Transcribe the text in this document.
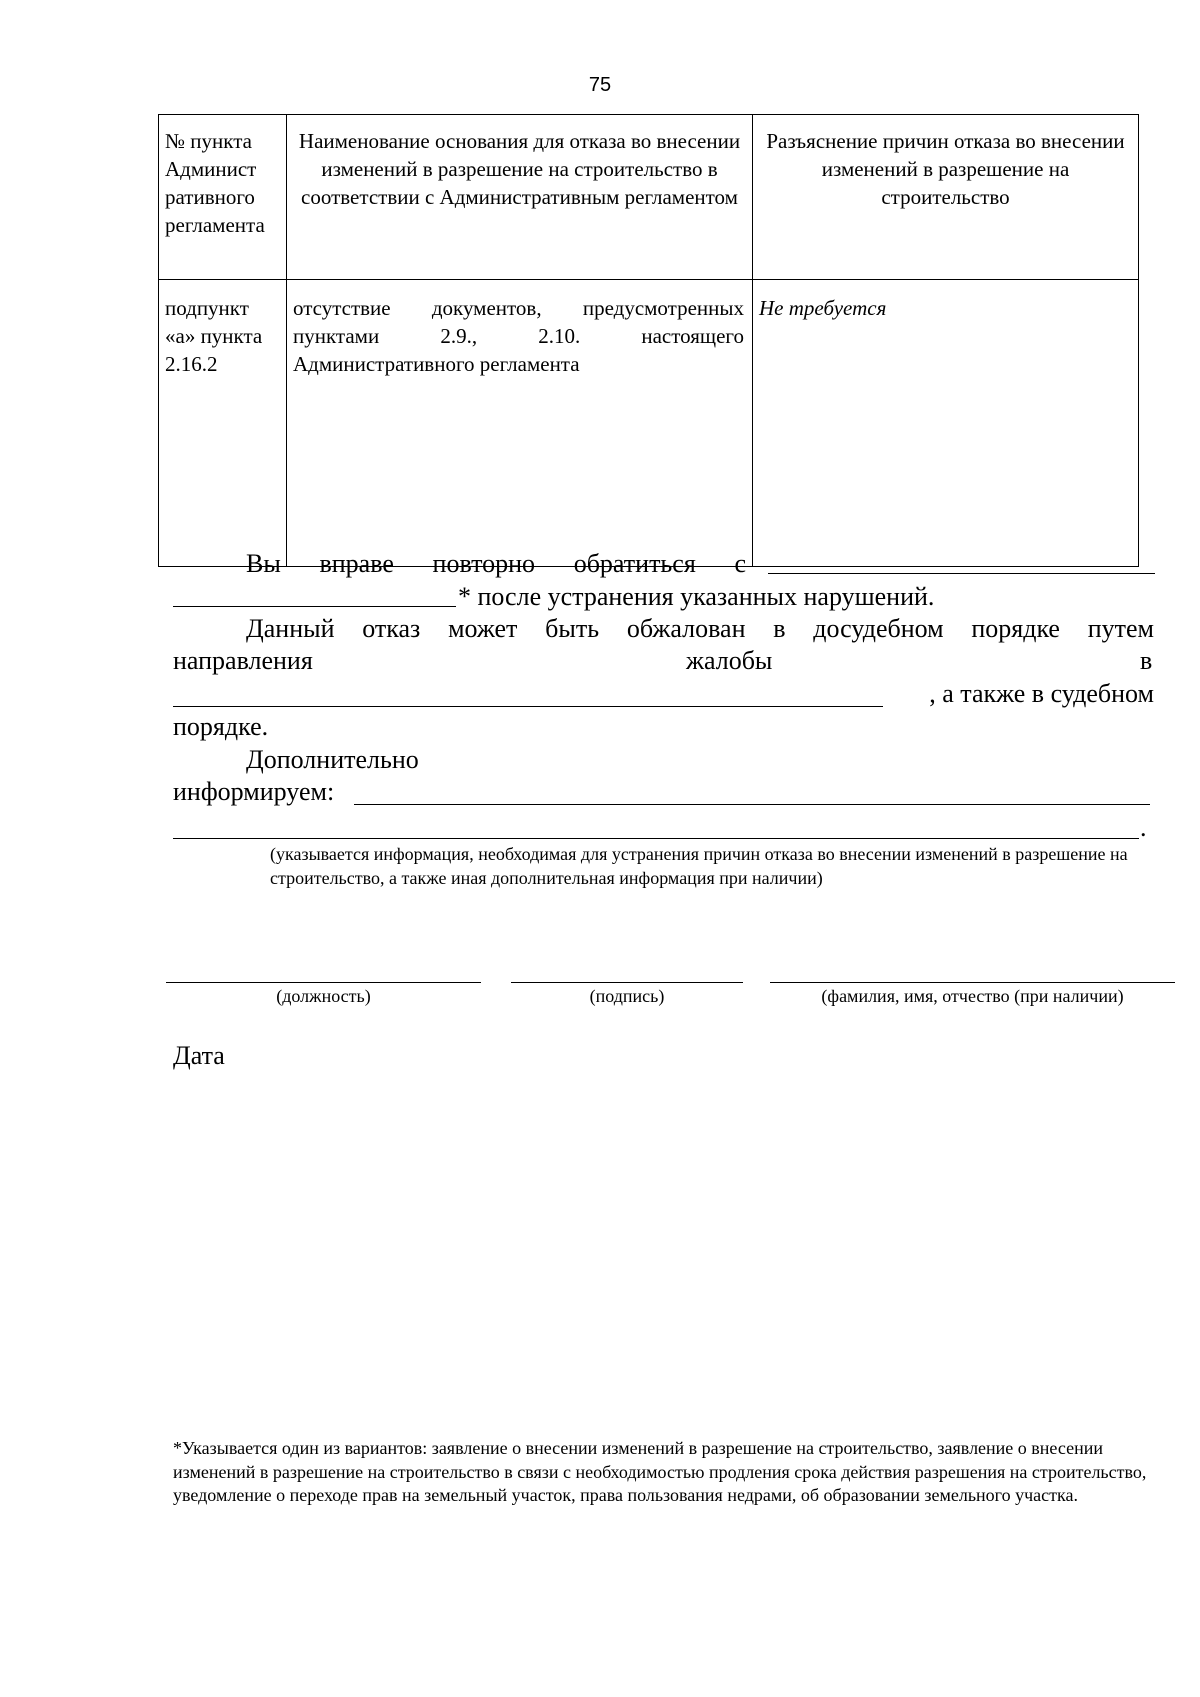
75
№ пункта Админист ративного регламента	Наименование основания для отказа во внесении изменений в разрешение на строительство в соответствии с Административным регламентом	Разъяснение причин отказа во внесении изменений в разрешение на строительство
подпункт «а» пункта 2.16.2	отсутствие документов, предусмотренных пунктами 2.9., 2.10. настоящего Административного регламента	Не требуется
Вы вправе повторно обратиться с
* после устранения указанных нарушений.
Данный отказ может быть обжалован в досудебном порядке путем
направления	жалобы	в
, а также в судебном
порядке.
Дополнительно
информируем:
.
(указывается информация, необходимая для устранения причин отказа во внесении изменений в разрешение на строительство, а также иная дополнительная информация при наличии)
(должность)	(подпись)	(фамилия, имя, отчество (при наличии)
Дата
*Указывается один из вариантов: заявление о внесении изменений в разрешение на строительство, заявление о внесении изменений в разрешение на строительство в связи с необходимостью продления срока действия разрешения на строительство, уведомление о переходе прав на земельный участок, права пользования недрами, об образовании земельного участка.
